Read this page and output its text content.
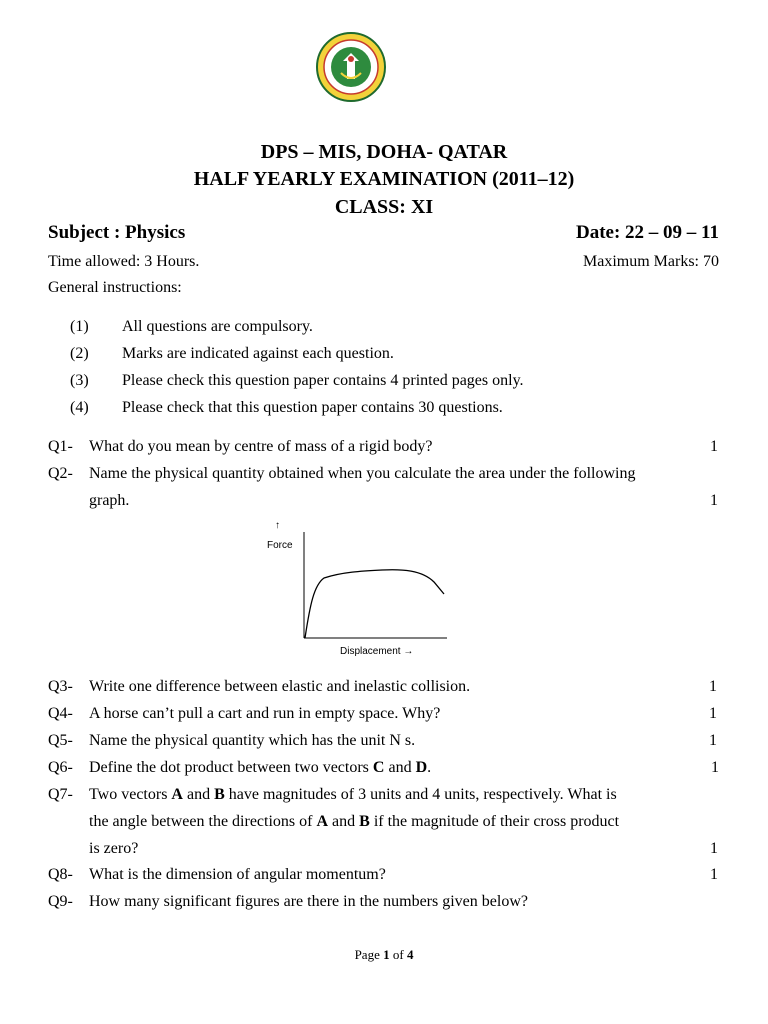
DPS – MIS, DOHA- QATAR
HALF YEARLY EXAMINATION (2011–12)
CLASS: XI
Subject : Physics	Date: 22 – 09 – 11
Time allowed: 3 Hours.	Maximum Marks: 70
General instructions:
(1) All questions are compulsory.
(2) Marks are indicated against each question.
(3) Please check this question paper contains 4 printed pages only.
(4) Please check that this question paper contains 30 questions.
Q1- What do you mean by centre of mass of a rigid body?	1
Q2- Name the physical quantity obtained when you calculate the area under the following
graph.	1
↑
Force
Displacement →
Q3- Write one difference between elastic and inelastic collision.	1
Q4- A horse can’t pull a cart and run in empty space. Why?	1
Q5- Name the physical quantity which has the unit N s.	1
Q6- Define the dot product between two vectors C and D.	1
Q7- Two vectors A and B have magnitudes of 3 units and 4 units, respectively. What is
the angle between the directions of A and B if the magnitude of their cross product
is zero?	1
Q8- What is the dimension of angular momentum?	1
Q9- How many significant figures are there in the numbers given below?
Page 1 of 4
